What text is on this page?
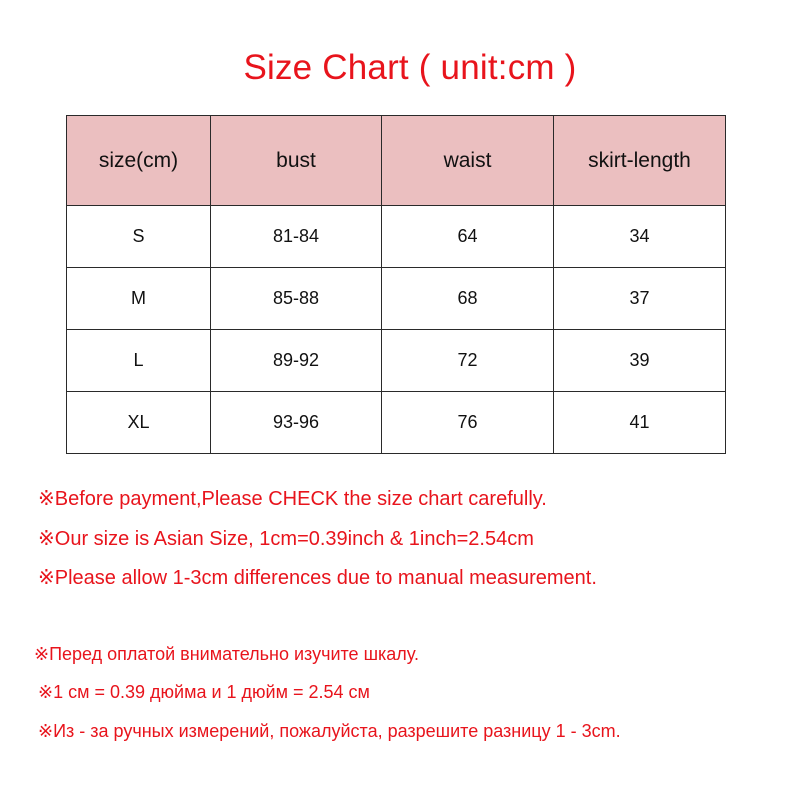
Size Chart ( unit:cm )
size(cm)	bust	waist	skirt-length
S	81-84	64	34
M	85-88	68	37
L	89-92	72	39
XL	93-96	76	41
※Before payment,Please CHECK the size chart carefully.
※Our size is Asian Size, 1cm=0.39inch & 1inch=2.54cm
※Please allow 1-3cm differences due to manual measurement.
※Перед оплатой внимательно изучите шкалу.
※1 см = 0.39 дюйма и 1 дюйм = 2.54 см
※Из - за ручных измерений, пожалуйста, разрешите разницу 1 - 3cm.
